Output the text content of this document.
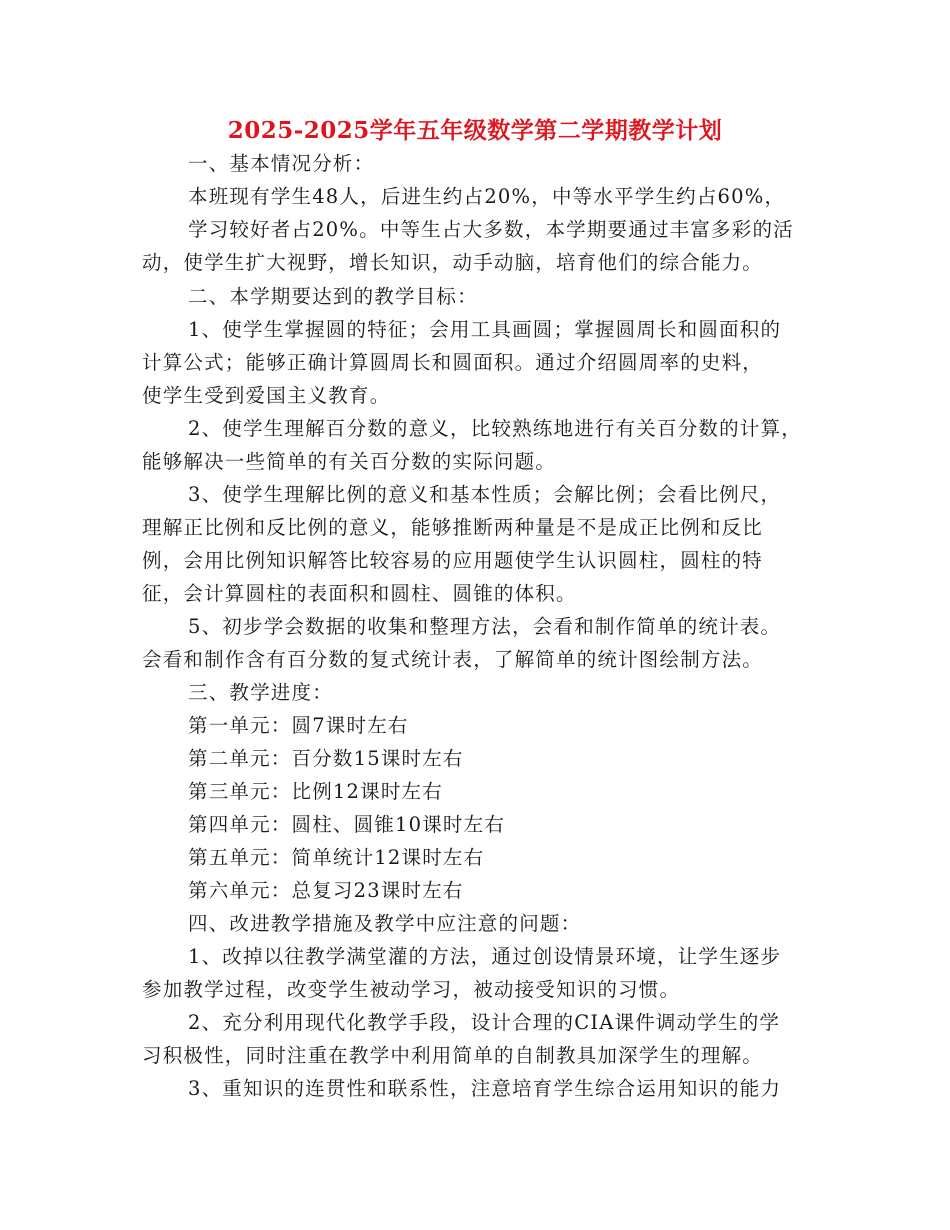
2025-2025学年五年级数学第二学期教学计划
一、基本情况分析：
本班现有学生48人，后进生约占20%，中等水平学生约占60%，
学习较好者占20%。中等生占大多数，本学期要通过丰富多彩的活
动，使学生扩大视野，增长知识，动手动脑，培育他们的综合能力。
二、本学期要达到的教学目标：
1、使学生掌握圆的特征；会用工具画圆；掌握圆周长和圆面积的
计算公式；能够正确计算圆周长和圆面积。通过介绍圆周率的史料，
使学生受到爱国主义教育。
2、使学生理解百分数的意义，比较熟练地进行有关百分数的计算，
能够解决一些简单的有关百分数的实际问题。
3、使学生理解比例的意义和基本性质；会解比例；会看比例尺，
理解正比例和反比例的意义，能够推断两种量是不是成正比例和反比
例，会用比例知识解答比较容易的应用题使学生认识圆柱，圆柱的特
征，会计算圆柱的表面积和圆柱、圆锥的体积。
5、初步学会数据的收集和整理方法，会看和制作简单的统计表。
会看和制作含有百分数的复式统计表，了解简单的统计图绘制方法。
三、教学进度：
第一单元：圆7课时左右
第二单元：百分数15课时左右
第三单元：比例12课时左右
第四单元：圆柱、圆锥10课时左右
第五单元：简单统计12课时左右
第六单元：总复习23课时左右
四、改进教学措施及教学中应注意的问题：
1、改掉以往教学满堂灌的方法，通过创设情景环境，让学生逐步
参加教学过程，改变学生被动学习，被动接受知识的习惯。
2、充分利用现代化教学手段，设计合理的CIA课件调动学生的学
习积极性，同时注重在教学中利用简单的自制教具加深学生的理解。
3、重知识的连贯性和联系性，注意培育学生综合运用知识的能力
